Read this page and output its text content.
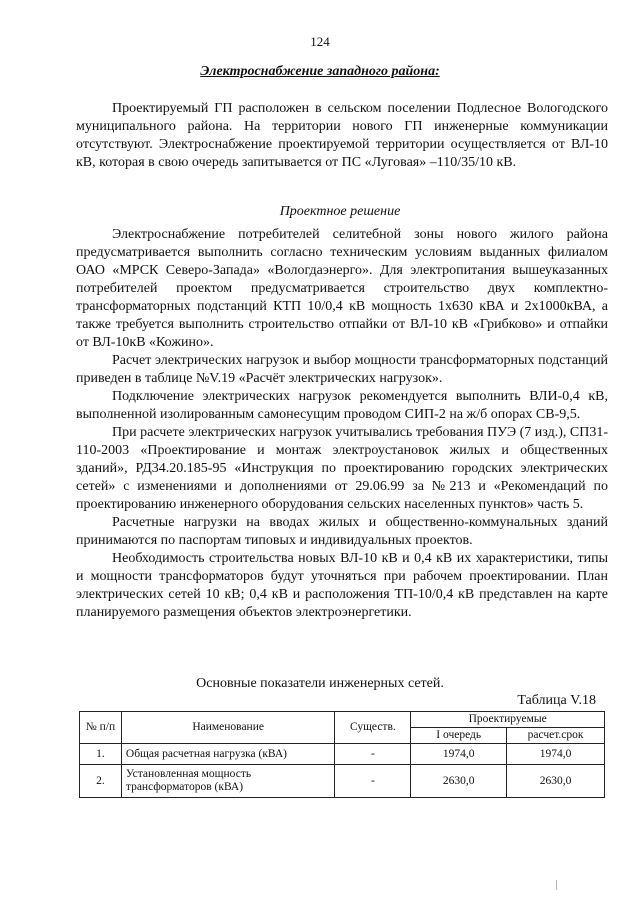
124
Электроснабжение западного района:

Проектируемый ГП расположен в сельском поселении Подлесное Вологодского муниципального района. На территории нового ГП инженерные коммуникации отсутствуют. Электроснабжение проектируемой территории осуществляется от ВЛ-10 кВ, которая в свою очередь запитывается от ПС «Луговая» –110/35/10 кВ.

Проектное решение

Электроснабжение потребителей селитебной зоны нового жилого района предусматривается выполнить согласно техническим условиям выданных филиалом ОАО «МРСК Северо-Запада» «Вологдаэнерго». Для электропитания вышеуказанных потребителей проектом предусматривается строительство двух комплектно-трансформаторных подстанций КТП 10/0,4 кВ мощность 1х630 кВА и 2х1000кВА, а также требуется выполнить строительство отпайки от ВЛ-10 кВ «Грибково» и отпайки от ВЛ-10кВ «Кожино».

Расчет электрических нагрузок и выбор мощности трансформаторных подстанций приведен в таблице №V.19 «Расчёт электрических нагрузок».

Подключение электрических нагрузок рекомендуется выполнить ВЛИ-0,4 кВ, выполненной изолированным самонесущим проводом СИП-2 на ж/б опорах СВ-9,5.

При расчете электрических нагрузок учитывались требования ПУЭ (7 изд.), СП31-110-2003 «Проектирование и монтаж электроустановок жилых и общественных зданий», РД34.20.185-95 «Инструкция по проектированию городских электрических сетей» с изменениями и дополнениями от 29.06.99 за №213 и «Рекомендаций по проектированию инженерного оборудования сельских населенных пунктов» часть 5.

Расчетные нагрузки на вводах жилых и общественно-коммунальных зданий принимаются по паспортам типовых и индивидуальных проектов.

Необходимость строительства новых ВЛ-10 кВ и 0,4 кВ их характеристики, типы и мощности трансформаторов будут уточняться при рабочем проектировании. План электрических сетей 10 кВ; 0,4 кВ и расположения ТП-10/0,4 кВ представлен на карте планируемого размещения объектов электроэнергетики.

Основные показатели инженерных сетей.
Таблица V.18
№ п/п	Наименование	Существ.	Проектируемые	
			I очередь	расчет.срок
1.	Общая расчетная нагрузка (кВА)	-	1974,0	1974,0
2.	Установленная мощность трансформаторов (кВА)	-	2630,0	2630,0
